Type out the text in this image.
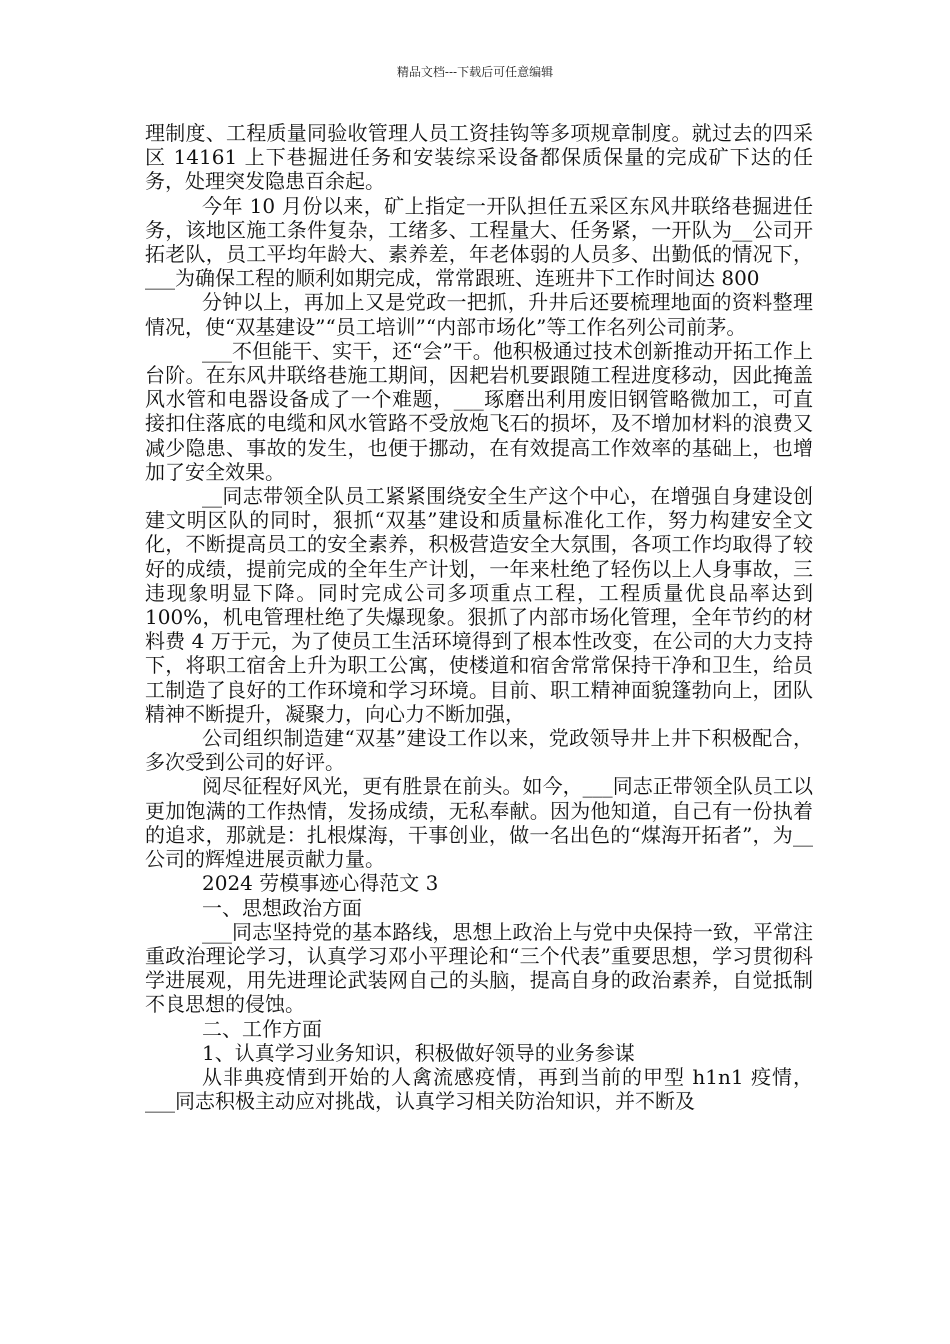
精品文档---下载后可任意编辑

理制度、工程质量同验收管理人员工资挂钩等多项规章制度。就过去的四采区 14161 上下巷掘进任务和安装综采设备都保质保量的完成矿下达的任务，处理突发隐患百余起。

今年 10 月份以来，矿上指定一开队担任五采区东风井联络巷掘进任务，该地区施工条件复杂，工绪多、工程量大、任务紧，一开队为__公司开拓老队，员工平均年龄大、素养差，年老体弱的人员多、出勤低的情况下，___为确保工程的顺利如期完成，常常跟班、连班井下工作时间达 800

分钟以上，再加上又是党政一把抓，升井后还要梳理地面的资料整理情况，使“双基建设”“员工培训”“内部市场化”等工作名列公司前茅。

___不但能干、实干，还“会”干。他积极通过技术创新推动开拓工作上台阶。在东风井联络巷施工期间，因耙岩机要跟随工程进度移动，因此掩盖风水管和电器设备成了一个难题，___琢磨出利用废旧钢管略微加工，可直接扣住落底的电缆和风水管路不受放炮飞石的损坏，及不增加材料的浪费又减少隐患、事故的发生，也便于挪动，在有效提高工作效率的基础上，也增加了安全效果。

__同志带领全队员工紧紧围绕安全生产这个中心，在增强自身建设创建文明区队的同时，狠抓“双基”建设和质量标准化工作，努力构建安全文化，不断提高员工的安全素养，积极营造安全大氛围，各项工作均取得了较好的成绩，提前完成的全年生产计划，一年来杜绝了轻伤以上人身事故，三违现象明显下降。同时完成公司多项重点工程，工程质量优良品率达到 100%，机电管理杜绝了失爆现象。狠抓了内部市场化管理，全年节约的材料费 4 万于元，为了使员工生活环境得到了根本性改变，在公司的大力支持下，将职工宿舍上升为职工公寓，使楼道和宿舍常常保持干净和卫生，给员工制造了良好的工作环境和学习环境。目前、职工精神面貌篷勃向上，团队精神不断提升，凝聚力，向心力不断加强，

公司组织制造建“双基”建设工作以来，党政领导井上井下积极配合，多次受到公司的好评。

阅尽征程好风光，更有胜景在前头。如今，___同志正带领全队员工以更加饱满的工作热情，发扬成绩，无私奉献。因为他知道，自己有一份执着的追求，那就是：扎根煤海，干事创业，做一名出色的“煤海开拓者”，为__公司的辉煌进展贡献力量。

2024 劳模事迹心得范文 3

一、思想政治方面

___同志坚持党的基本路线，思想上政治上与党中央保持一致，平常注重政治理论学习，认真学习邓小平理论和“三个代表”重要思想，学习贯彻科学进展观，用先进理论武装网自己的头脑，提高自身的政治素养，自觉抵制不良思想的侵蚀。

二、工作方面

1、认真学习业务知识，积极做好领导的业务参谋

从非典疫情到开始的人禽流感疫情，再到当前的甲型 h1n1 疫情，___同志积极主动应对挑战，认真学习相关防治知识，并不断及
